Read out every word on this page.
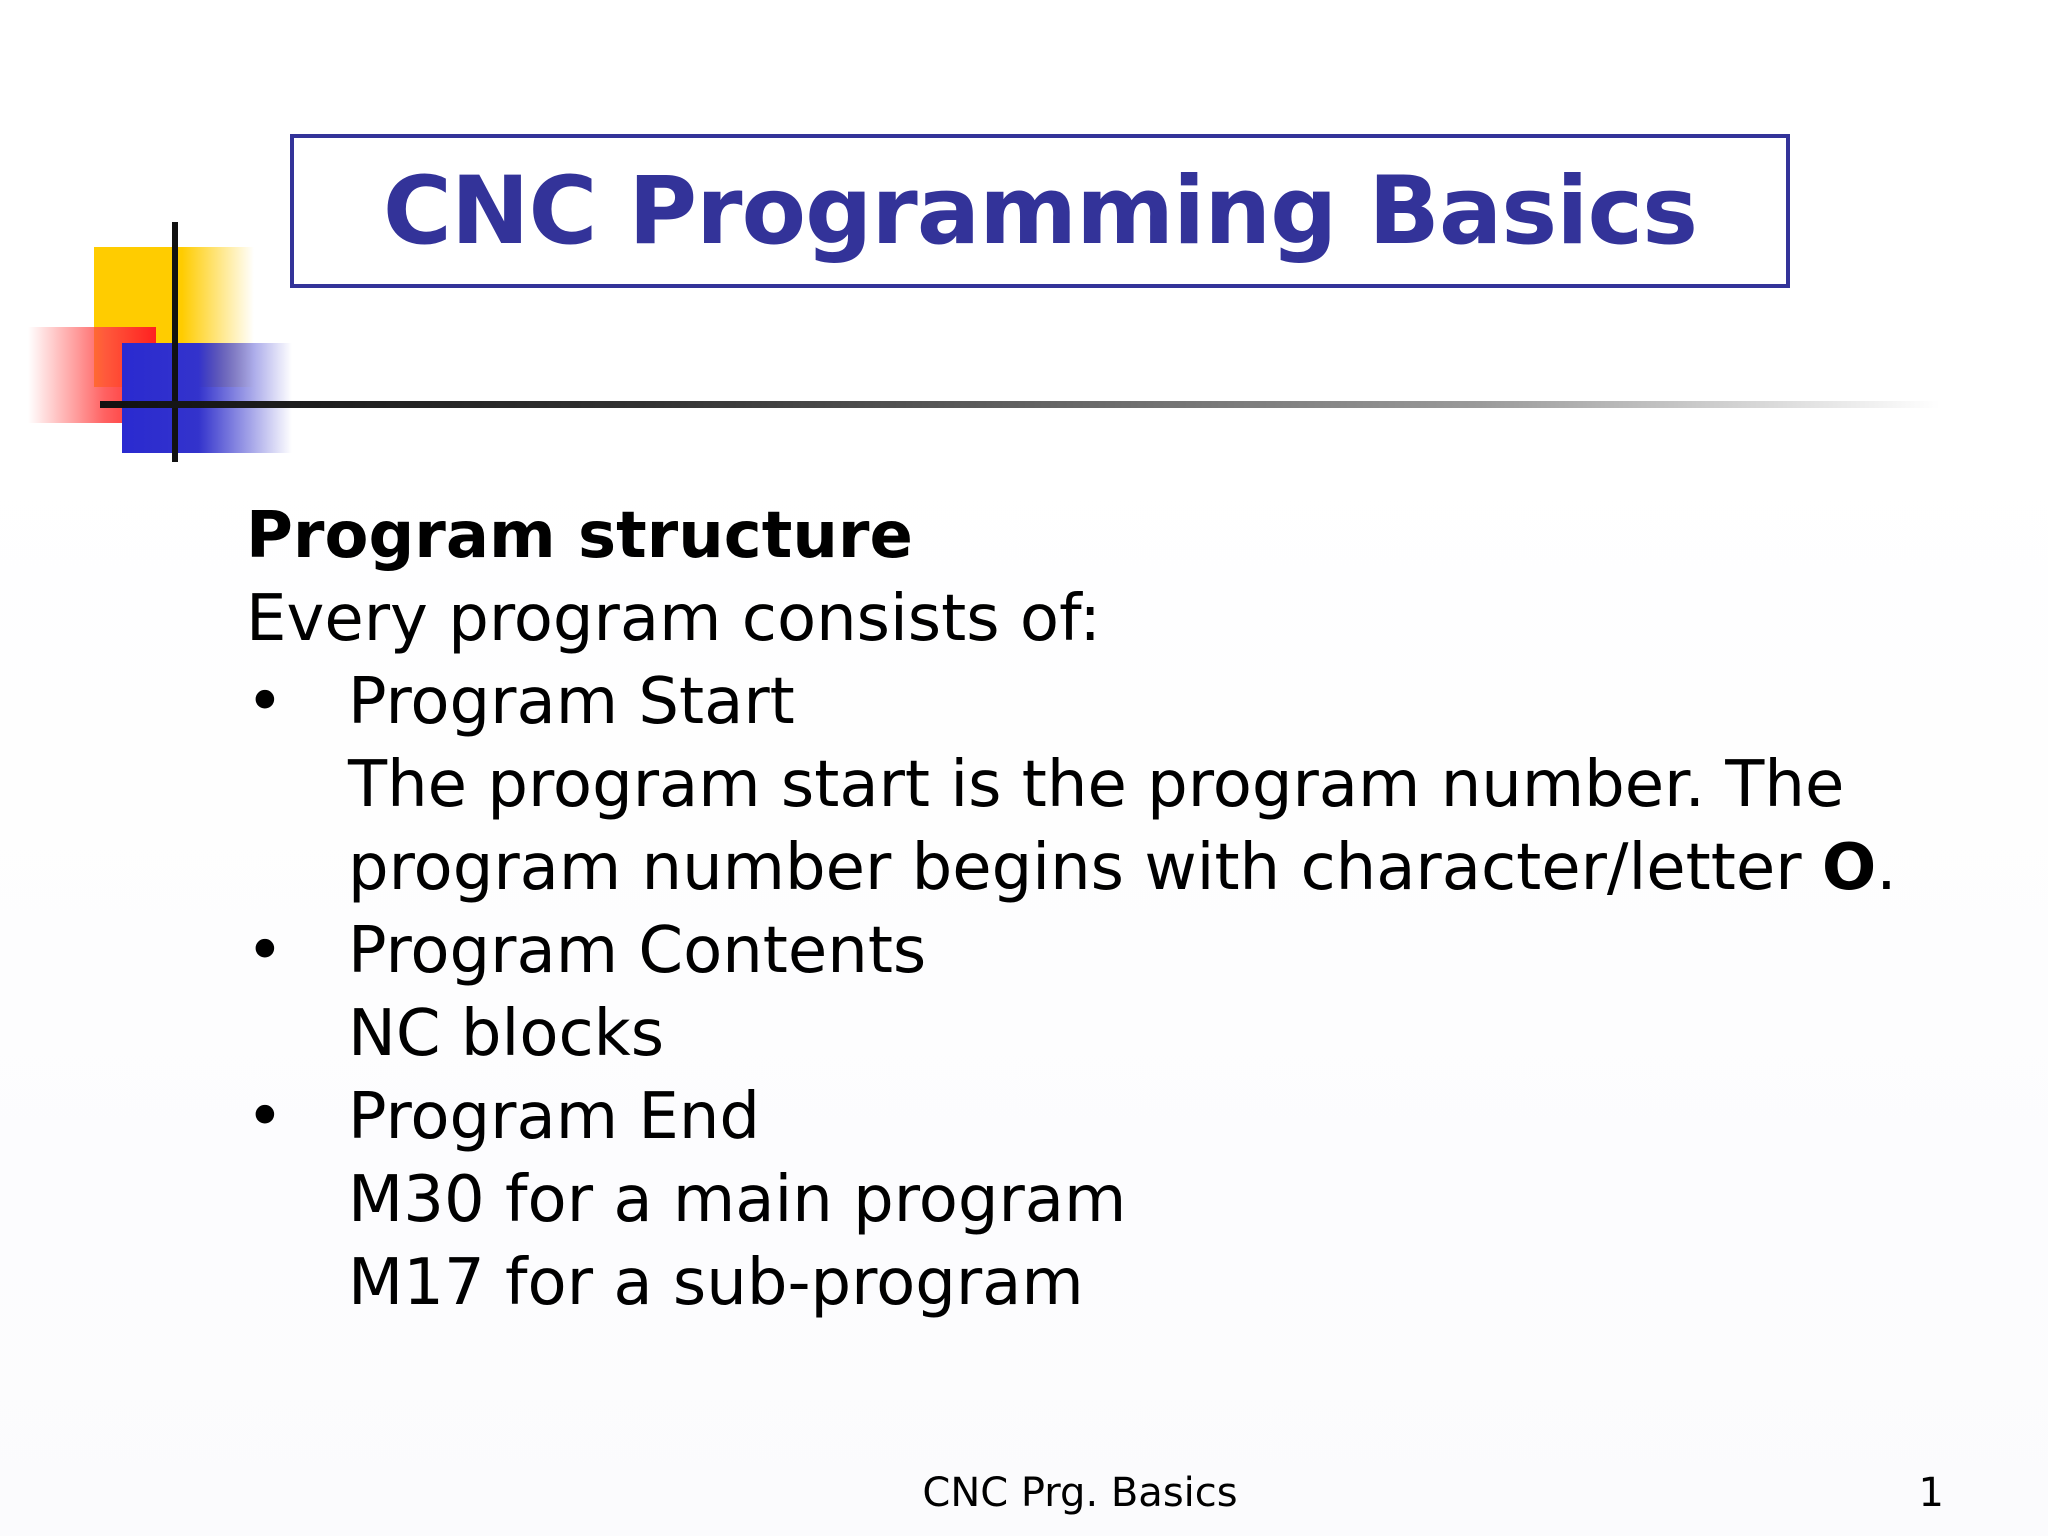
CNC Programming Basics
Program structure
Every program consists of:
•	Program Start
The program start is the program number. The
program number begins with character/letter O.
•	Program Contents
NC blocks
•	Program End
M30 for a main program
M17 for a sub-program
CNC Prg. Basics	1
